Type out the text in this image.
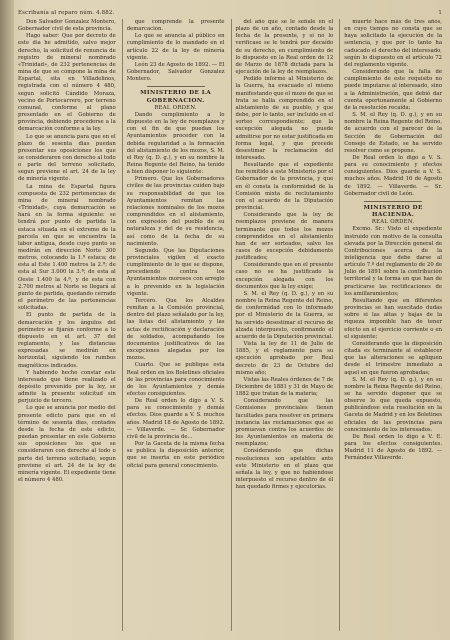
Escribanía al reparo núm. 4.882.	1

Don Salvador Gonzalez Montero, Gobernador civil de esta provincia.

Hago saber: Que por decreto de este dia he admitido, salvo mejor derecho, la solicitud de renuncia de registro de mineral nombrado «Trinidad», de 232 pertenencias de mina de que se compone la mina de Espartal, sita en Villadelinos, registrada con el número 4 480, segun solicitó Cándido Moraza, vecino de Portocarrero, por terreno comunal, conforme al plano presentado en el Gobierno de provincia, debiendo procederse a la demarcación conforme a la ley.

Lo que se anuncia para que en el plazo de sesenta dias puedan presentar sus oposiciones los que se consideraren con derecho al todo o parte del terreno solicitado, segun previene el art. 24 de la ley de minería vigente.

La mina de Espartal figura compuesta de 232 pertenencias de mina de mineral nombrado «Trinidad», cuya demarcación se hará en la forma siguiente: se tendrá por punto de partida la estaca situada en el extremo de la parcela en que se encuentra la labor antigua, desde cuyo punto se medirán en dirección Norte 300 metros, colocando la 1.ª estaca; de esta al Este 1.400 metros la 2.ª; de esta al Sur 3.000 la 3.ª; de esta al Oeste 1.400 la 4.ª, y de esta con 2.700 metros al Norte se llegará al punto de partida, quedando cerrado el perímetro de las pertenencias solicitadas.

El punto de partida de la demarcación y los ángulos del perímetro se fijarán conforme a lo dispuesto en el art. 37 del reglamento, y las distancias expresadas se medirán en horizontal, siguiendo los rumbos magnéticos indicados.

Y habiendo hecho constar este interesado que tiene realizado el depósito prevenido por la ley, se admite la presente solicitud sin perjuicio de tercero.

Lo que se anuncia por medio del presente edicto para que en el término de sesenta dias, contados desde la fecha de este edicto, puedan presentar en este Gobierno sus oposiciones los que se consideraren con derecho al todo o parte del terreno solicitado, segun previene el art. 24 de la ley de minería vigente. El expediente tiene el número 4 480.

que comprende la presente demarcacion.

Lo que se anuncia al público en cumplimiento de lo mandado en el artículo 22 de la ley de minería vigente.

León 23 de Agosto de 1892. — El Gobernador, Salvador Gonzalez Montero.

MINISTERIO DE LA GOBERNACION.

REAL ORDEN.

Dando cumplimiento a lo dispuesto en la ley de reemplazos y con el fin de que puedan los Ayuntamientos proceder con la debida regularidad a la formación del alistamiento de los mozos, S. M. el Rey (q. D. g.), y en su nombre la Reina Regente del Reino, ha tenido a bien disponer lo siguiente:

Primero. Que los Gobernadores civiles de las provincias cuiden bajo su responsabilidad de que los Ayuntamientos remitan las relaciones nominales de los mozos comprendidos en el alistamiento, con expresión del pueblo de su naturaleza y del de su residencia, así como de la fecha de su nacimiento.

Segundo. Que las Diputaciones provinciales vigilen el exacto cumplimiento de lo que se dispone, procediendo contra los Ayuntamientos morosos con arreglo a lo prevenido en la legislación vigente.

Tercero. Que los Alcaldes remitan a la Comisión provincial, dentro del plazo señalado por la ley, las listas del alistamiento y las actas de rectificación y declaración de soldados, acompañando los documentos justificativos de las excepciones alegadas por los mozos.

Cuarto. Que se publique esta Real orden en los Boletines oficiales de las provincias para conocimiento de los Ayuntamientos y demás efectos consiguientes.

De Real orden lo digo a V. S. para su conocimiento y demás efectos. Dios guarde a V. S. muchos años. Madrid 18 de Agosto de 1892. — Villaverde. — Sr. Gobernador civil de la provincia de...

Por la Gaceta de la misma fecha se publica la disposición anterior, que se inserta en este periódico oficial para general conocimiento.

del año que se le señale en el plazo de un año, contado desde la fecha de la presente, y si no lo verificase se le tendrá por decaído de su derecho, en cumplimiento de lo dispuesto en la Real orden de 12 de Marzo de 1878 dictada para la ejecución de la ley de reemplazos.

Pedido informe al Ministerio de la Guerra, ha evacuado el mismo manifestando que el mozo de que se trata se halla comprendido en el alistamiento de su pueblo, y que debe, por lo tanto, ser incluido en el sorteo correspondiente; que la excepción alegada no puede admitirse por no estar justificada en forma legal, y que procede desestimar la reclamación del interesado.

Resultando que el expediente fue remitido a este Ministerio por el Gobernador de la provincia, y que en él consta la conformidad de la Comisión mixta de reclutamiento con el acuerdo de la Diputación provincial.

Considerando que la ley de reemplazos previene de manera terminante que todos los mozos comprendidos en el alistamiento han de ser sorteados, salvo los casos de excepción debidamente justificados;

Considerando que en el presente caso no se ha justificado la excepción alegada con los documentos que la ley exige;

S. M. el Rey (q. D. g.), y en su nombre la Reina Regente del Reino, de conformidad con lo informado por el Ministerio de la Guerra, se ha servido desestimar el recurso de alzada interpuesto, confirmando el acuerdo de la Diputación provincial.

Vista la ley de 11 de Julio de 1885, y el reglamento para su ejecución aprobado por Real decreto de 23 de Octubre del mismo año;

Vistas las Reales órdenes de 7 de Diciembre de 1881 y 31 de Mayo de 1882 que tratan de la materia;

Considerando que las Comisiones provinciales tienen facultades para resolver en primera instancia las reclamaciones que se promuevan contra los acuerdos de los Ayuntamientos en materia de reemplazos;

Considerando que dichas resoluciones son apelables ante este Ministerio en el plazo que señala la ley, y que no habiéndose interpuesto el recurso dentro de él han quedado firmes y ejecutorias.

muerte hace más de tres años, en cuyo tiempo no consta que se haya solicitado la ejecución de la sentencia, y que por lo tanto ha caducado el derecho del interesado, según lo dispuesto en el artículo 72 del reglamento vigente.

Considerando que la falta de cumplimiento de este requisito no puede imputarse al interesado, sino a la Administración, que debió dar cuenta oportunamente al Gobierno de la resolución recaída;

S. M. el Rey (q. D. g.), y en su nombre la Reina Regente del Reino, de acuerdo con el parecer de la Sección de Gobernación del Consejo de Estado, se ha servido resolver como se propone.

De Real orden lo digo a V. S. para su conocimiento y efectos consiguientes. Dios guarde a V. S. muchos años. Madrid 16 de Agosto de 1892. — Villaverde. — Sr. Gobernador civil de León.

MINISTERIO DE HACIENDA.

REAL ORDEN.

Excmo. Sr.: Visto el expediente instruido con motivo de la consulta elevada por la Dirección general de Contribuciones acerca de la inteligencia que debe darse al artículo 7.º del reglamento de 20 de Julio de 1891 sobre la contribución territorial y la forma en que han de practicarse las rectificaciones de los amillaramientos;

Resultando que en diferentes provincias se han suscitado dudas sobre si las altas y bajas de la riqueza imponible han de tener efecto en el ejercicio corriente o en el siguiente;

Considerando que la disposición citada es terminante al establecer que las alteraciones se apliquen desde el trimestre inmediato a aquel en que fueron aprobadas;

S. M. el Rey (q. D. g.), y en su nombre la Reina Regente del Reino, se ha servido disponer que se observe lo que queda expuesto, publicándose esta resolución en la Gaceta de Madrid y en los Boletines oficiales de las provincias para conocimiento de los interesados.

De Real orden lo digo a V. E. para los efectos consiguientes. Madrid 11 de Agosto de 1892. — Fernández Villaverde.
